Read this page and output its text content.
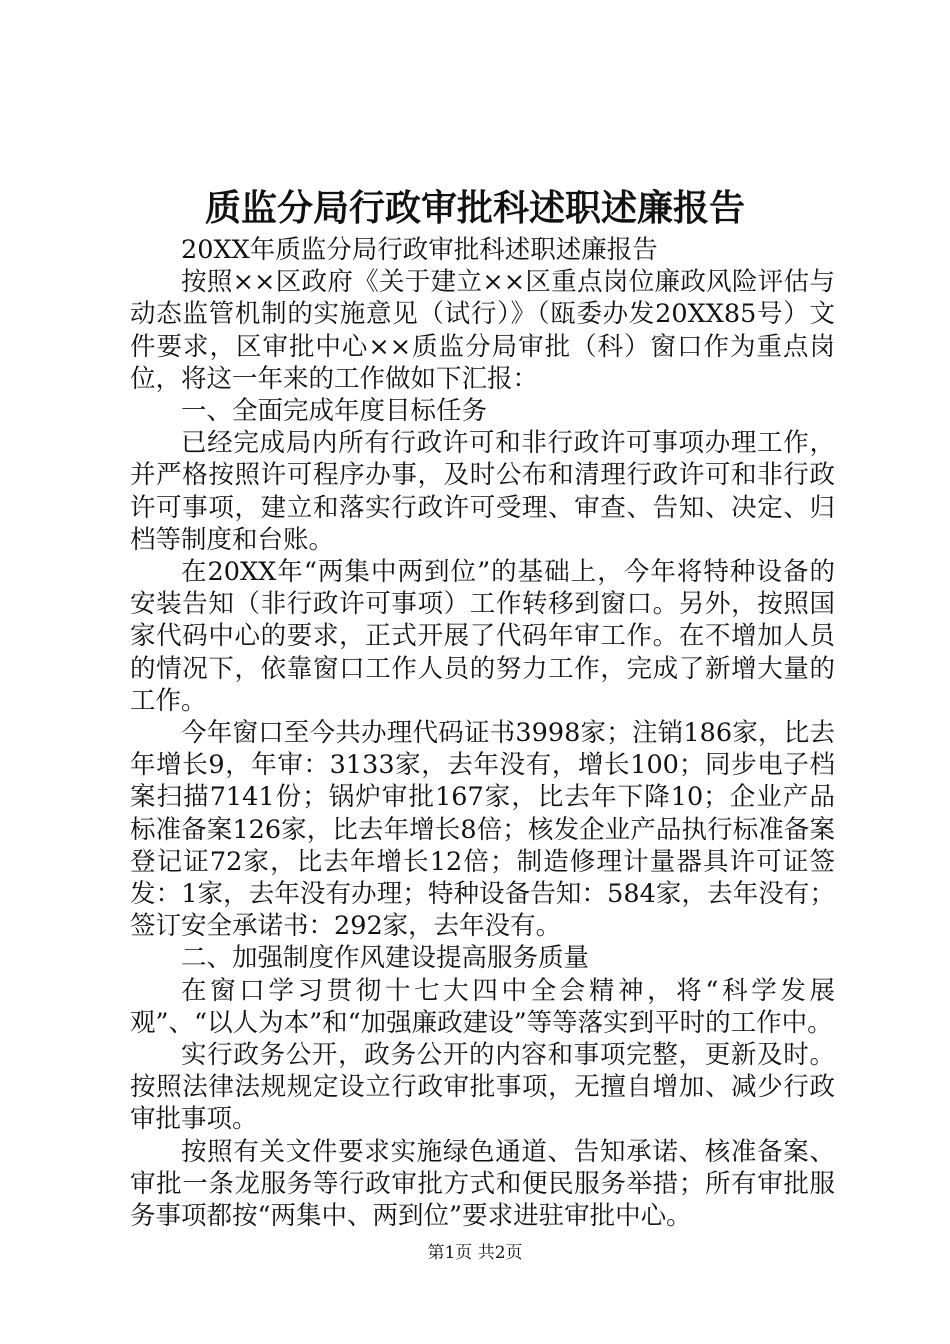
质监分局行政审批科述职述廉报告

20XX年质监分局行政审批科述职述廉报告

按照××区政府《关于建立××区重点岗位廉政风险评估与动态监管机制的实施意见（试行）》（瓯委办发20XX85号）文件要求，区审批中心××质监分局审批（科）窗口作为重点岗位，将这一年来的工作做如下汇报：

一、全面完成年度目标任务

已经完成局内所有行政许可和非行政许可事项办理工作，并严格按照许可程序办事，及时公布和清理行政许可和非行政许可事项，建立和落实行政许可受理、审查、告知、决定、归档等制度和台账。

在20XX年“两集中两到位”的基础上，今年将特种设备的安装告知（非行政许可事项）工作转移到窗口。另外，按照国家代码中心的要求，正式开展了代码年审工作。在不增加人员的情况下，依靠窗口工作人员的努力工作，完成了新增大量的工作。

今年窗口至今共办理代码证书3998家；注销186家，比去年增长9，年审：3133家，去年没有，增长100；同步电子档案扫描7141份；锅炉审批167家，比去年下降10；企业产品标准备案126家，比去年增长8倍；核发企业产品执行标准备案登记证72家，比去年增长12倍；制造修理计量器具许可证签发：1家，去年没有办理；特种设备告知：584家，去年没有；签订安全承诺书：292家，去年没有。

二、加强制度作风建设提高服务质量

在窗口学习贯彻十七大四中全会精神，将“科学发展观”、“以人为本”和“加强廉政建设”等等落实到平时的工作中。

实行政务公开，政务公开的内容和事项完整，更新及时。按照法律法规规定设立行政审批事项，无擅自增加、减少行政审批事项。

按照有关文件要求实施绿色通道、告知承诺、核准备案、审批一条龙服务等行政审批方式和便民服务举措；所有审批服务事项都按“两集中、两到位”要求进驻审批中心。

第1页 共2页
